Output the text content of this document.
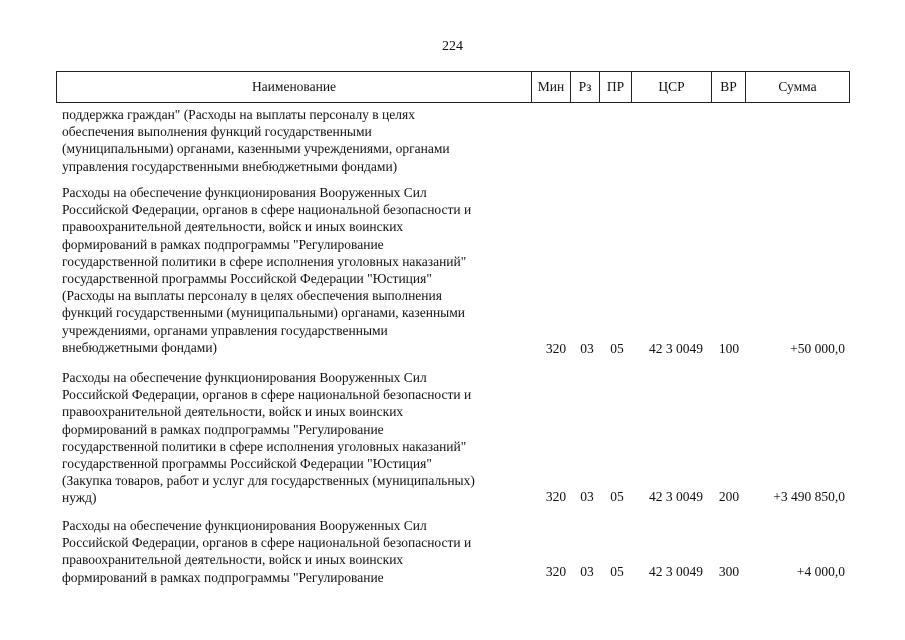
224
Наименование	Мин	Рз	ПР	ЦСР	ВР	Сумма
поддержка граждан" (Расходы на выплаты персоналу в целях
обеспечения выполнения функций государственными
(муниципальными) органами, казенными учреждениями, органами
управления государственными внебюджетными фондами)
Расходы на обеспечение функционирования Вооруженных Сил
Российской Федерации, органов в сфере национальной безопасности и
правоохранительной деятельности, войск и иных воинских
формирований в рамках подпрограммы "Регулирование
государственной политики в сфере исполнения уголовных наказаний"
государственной программы Российской Федерации "Юстиция"
(Расходы на выплаты персоналу в целях обеспечения выполнения
функций государственными (муниципальными) органами, казенными
учреждениями, органами управления государственными
внебюджетными фондами)	320	03	05	42 3 0049	100	+50 000,0
Расходы на обеспечение функционирования Вооруженных Сил
Российской Федерации, органов в сфере национальной безопасности и
правоохранительной деятельности, войск и иных воинских
формирований в рамках подпрограммы "Регулирование
государственной политики в сфере исполнения уголовных наказаний"
государственной программы Российской Федерации "Юстиция"
(Закупка товаров, работ и услуг для государственных (муниципальных)
нужд)	320	03	05	42 3 0049	200	+3 490 850,0
Расходы на обеспечение функционирования Вооруженных Сил
Российской Федерации, органов в сфере национальной безопасности и
правоохранительной деятельности, войск и иных воинских
формирований в рамках подпрограммы "Регулирование	320	03	05	42 3 0049	300	+4 000,0
